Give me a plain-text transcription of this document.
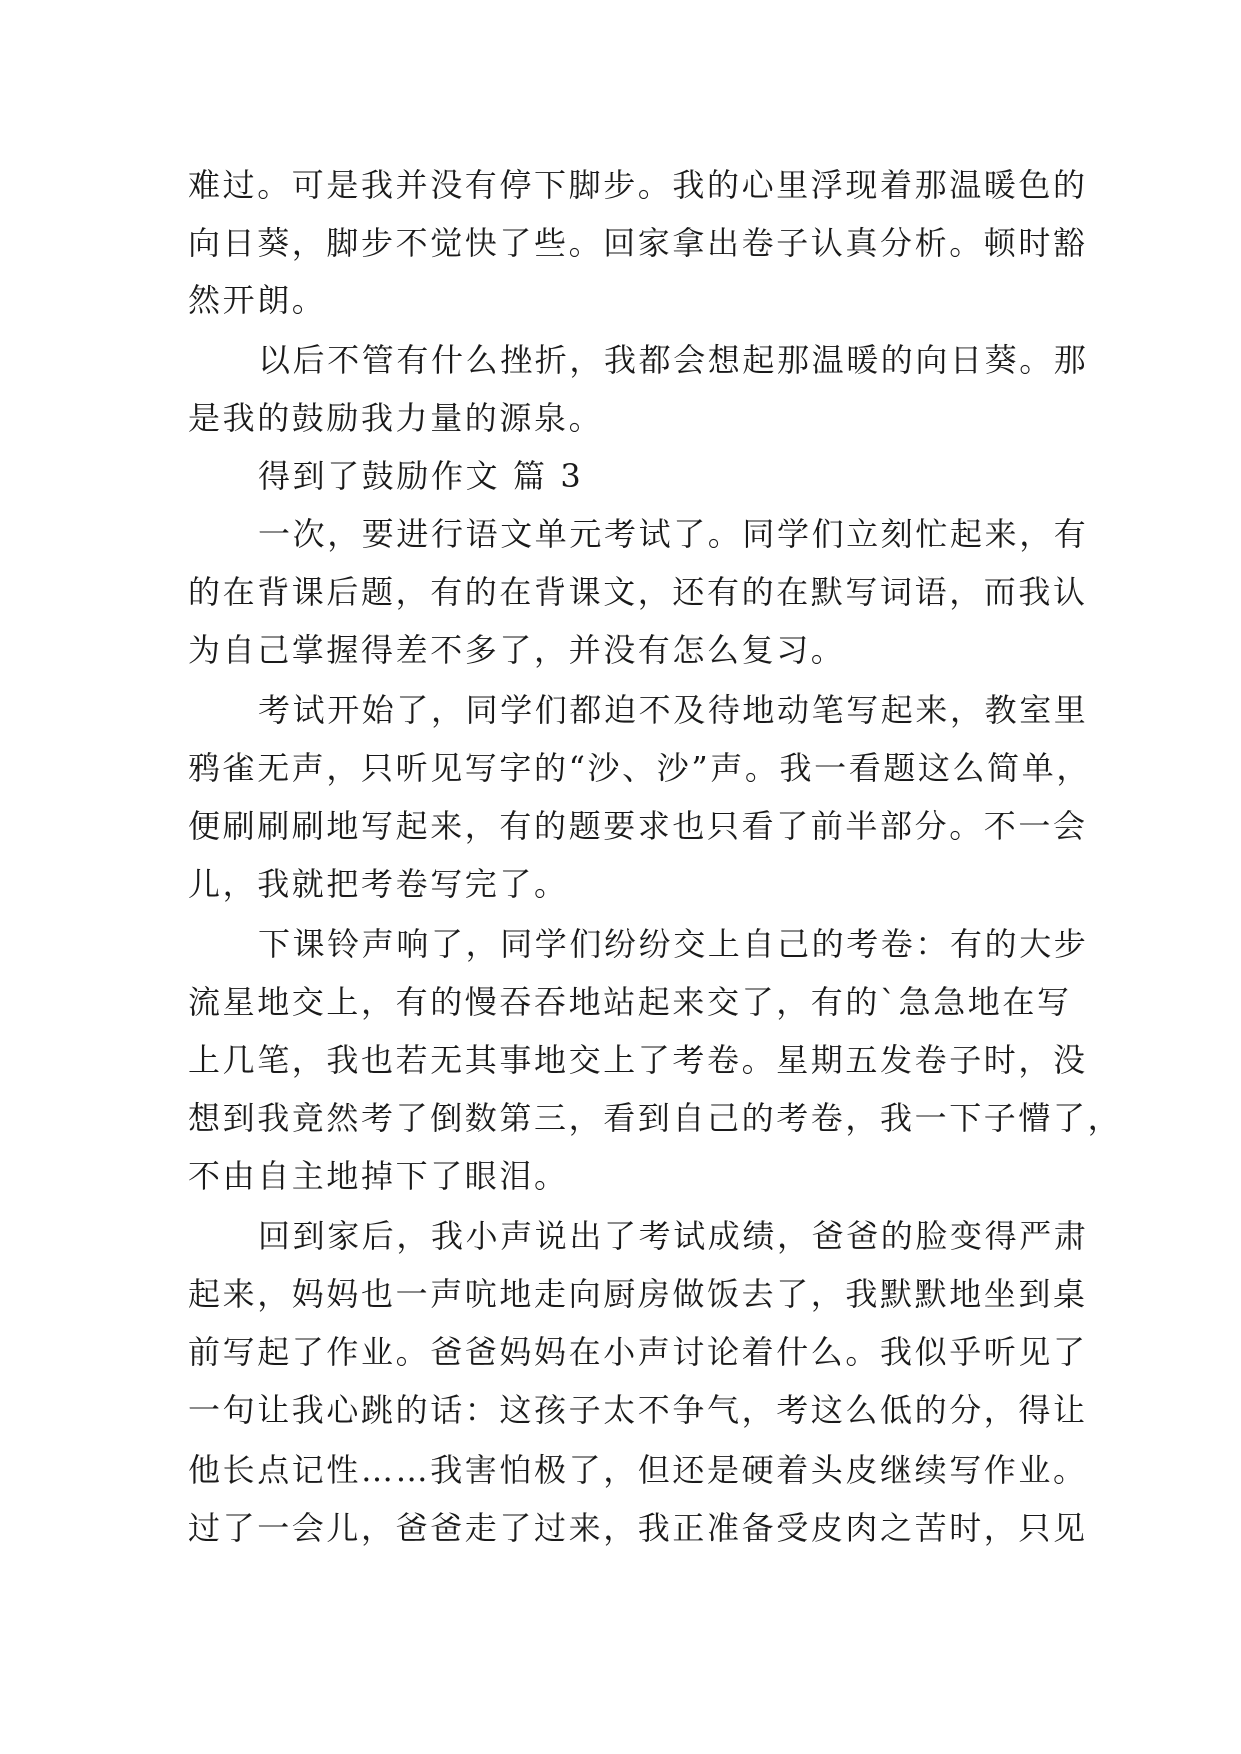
难过。可是我并没有停下脚步。我的心里浮现着那温暖色的
向日葵，脚步不觉快了些。回家拿出卷子认真分析。顿时豁
然开朗。
以后不管有什么挫折，我都会想起那温暖的向日葵。那
是我的鼓励我力量的源泉。
得到了鼓励作文 篇 3
一次，要进行语文单元考试了。同学们立刻忙起来，有
的在背课后题，有的在背课文，还有的在默写词语，而我认
为自己掌握得差不多了，并没有怎么复习。
考试开始了，同学们都迫不及待地动笔写起来，教室里
鸦雀无声，只听见写字的“沙、沙”声。我一看题这么简单，
便刷刷刷地写起来，有的题要求也只看了前半部分。不一会
儿，我就把考卷写完了。
下课铃声响了，同学们纷纷交上自己的考卷：有的大步
流星地交上，有的慢吞吞地站起来交了，有的`急急地在写
上几笔，我也若无其事地交上了考卷。星期五发卷子时，没
想到我竟然考了倒数第三，看到自己的考卷，我一下子懵了，
不由自主地掉下了眼泪。
回到家后，我小声说出了考试成绩，爸爸的脸变得严肃
起来，妈妈也一声吭地走向厨房做饭去了，我默默地坐到桌
前写起了作业。爸爸妈妈在小声讨论着什么。我似乎听见了
一句让我心跳的话：这孩子太不争气，考这么低的分，得让
他长点记性……我害怕极了，但还是硬着头皮继续写作业。
过了一会儿，爸爸走了过来，我正准备受皮肉之苦时，只见
